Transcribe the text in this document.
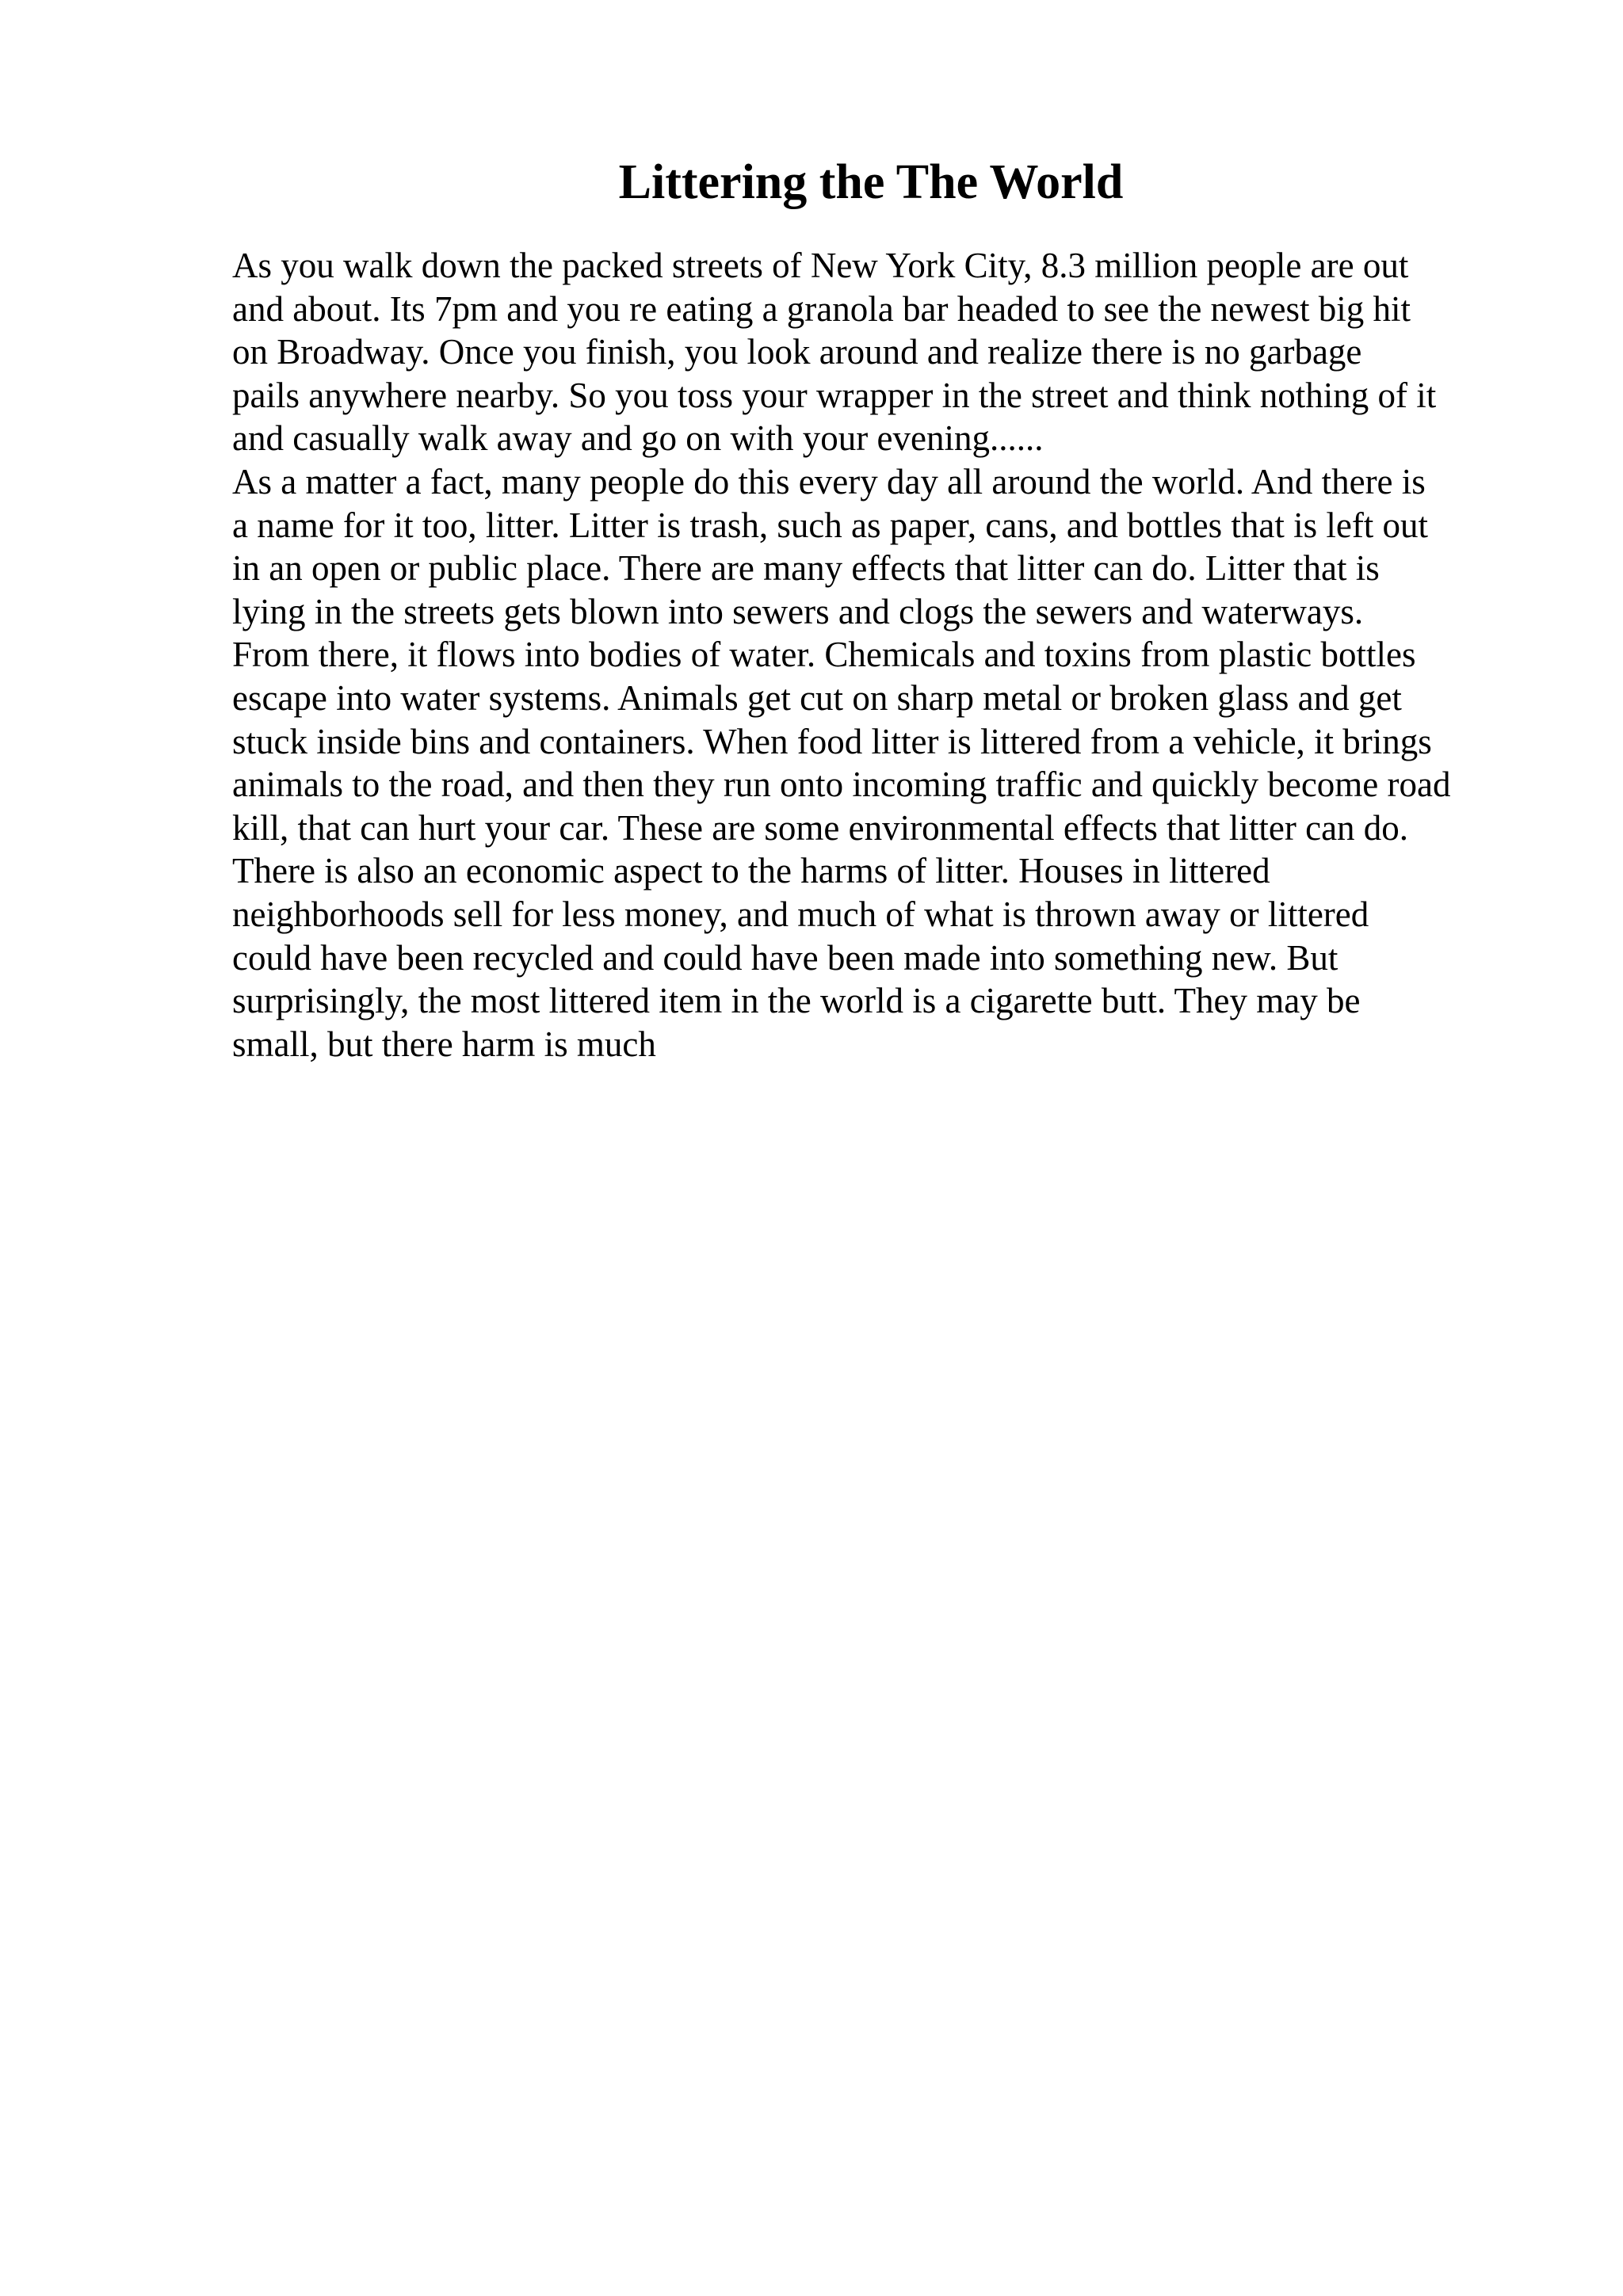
Littering the The World
As you walk down the packed streets of New York City, 8.3 million people are out
and about. Its 7pm and you re eating a granola bar headed to see the newest big hit
on Broadway. Once you finish, you look around and realize there is no garbage
pails anywhere nearby. So you toss your wrapper in the street and think nothing of it
and casually walk away and go on with your evening......
As a matter a fact, many people do this every day all around the world. And there is
a name for it too, litter. Litter is trash, such as paper, cans, and bottles that is left out
in an open or public place. There are many effects that litter can do. Litter that is
lying in the streets gets blown into sewers and clogs the sewers and waterways.
From there, it flows into bodies of water. Chemicals and toxins from plastic bottles
escape into water systems. Animals get cut on sharp metal or broken glass and get
stuck inside bins and containers. When food litter is littered from a vehicle, it brings
animals to the road, and then they run onto incoming traffic and quickly become road
kill, that can hurt your car. These are some environmental effects that litter can do.
There is also an economic aspect to the harms of litter. Houses in littered
neighborhoods sell for less money, and much of what is thrown away or littered
could have been recycled and could have been made into something new. But
surprisingly, the most littered item in the world is a cigarette butt. They may be
small, but there harm is much
